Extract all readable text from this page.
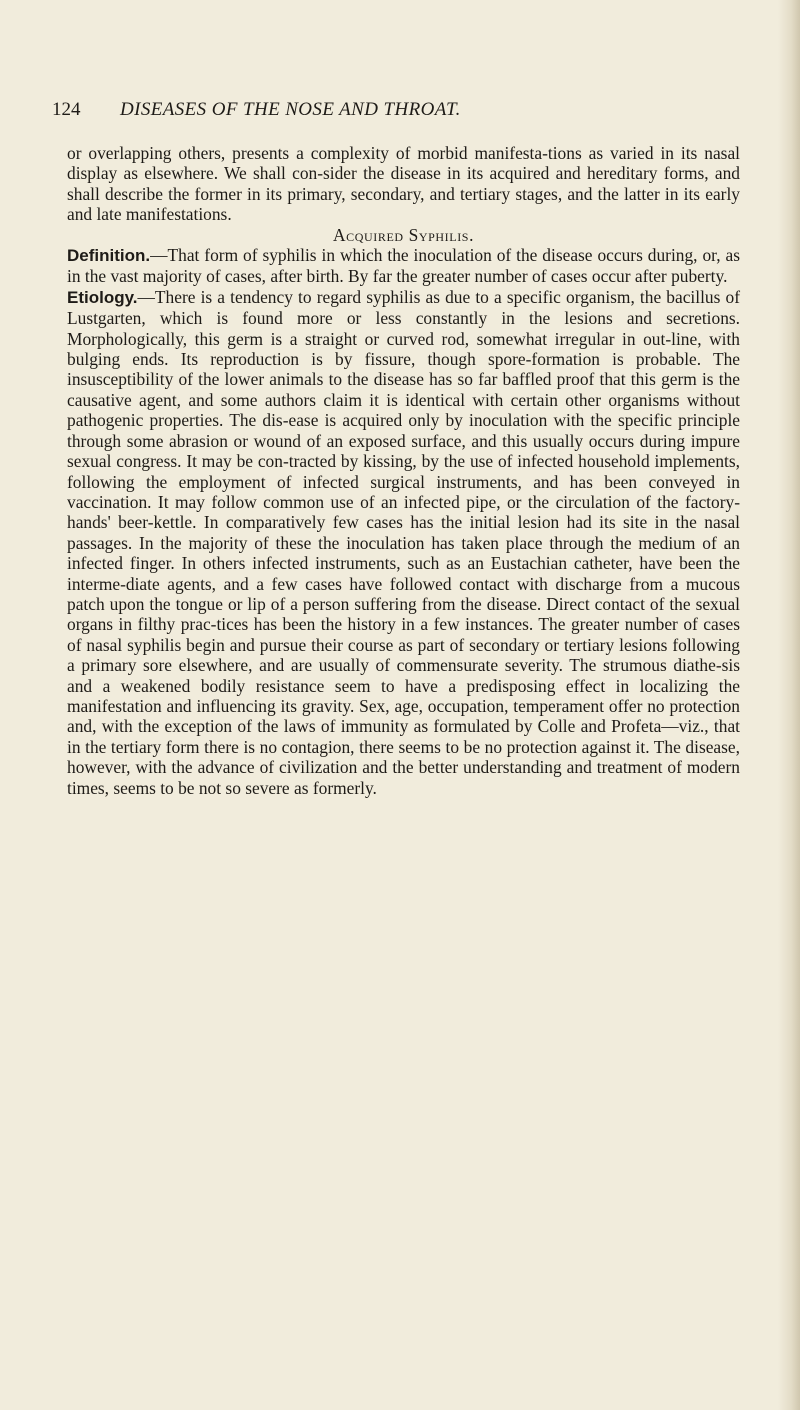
124 DISEASES OF THE NOSE AND THROAT.

or overlapping others, presents a complexity of morbid manifesta-tions as varied in its nasal display as elsewhere. We shall con-sider the disease in its acquired and hereditary forms, and shall describe the former in its primary, secondary, and tertiary stages, and the latter in its early and late manifestations.

Acquired Syphilis.

Definition.—That form of syphilis in which the inoculation of the disease occurs during, or, as in the vast majority of cases, after birth. By far the greater number of cases occur after puberty.

Etiology.—There is a tendency to regard syphilis as due to a specific organism, the bacillus of Lustgarten, which is found more or less constantly in the lesions and secretions. Morphologically, this germ is a straight or curved rod, somewhat irregular in out-line, with bulging ends. Its reproduction is by fissure, though spore-formation is probable. The insusceptibility of the lower animals to the disease has so far baffled proof that this germ is the causative agent, and some authors claim it is identical with certain other organisms without pathogenic properties. The dis-ease is acquired only by inoculation with the specific principle through some abrasion or wound of an exposed surface, and this usually occurs during impure sexual congress. It may be con-tracted by kissing, by the use of infected household implements, following the employment of infected surgical instruments, and has been conveyed in vaccination. It may follow common use of an infected pipe, or the circulation of the factory-hands' beer-kettle. In comparatively few cases has the initial lesion had its site in the nasal passages. In the majority of these the inoculation has taken place through the medium of an infected finger. In others infected instruments, such as an Eustachian catheter, have been the interme-diate agents, and a few cases have followed contact with discharge from a mucous patch upon the tongue or lip of a person suffering from the disease. Direct contact of the sexual organs in filthy prac-tices has been the history in a few instances. The greater number of cases of nasal syphilis begin and pursue their course as part of secondary or tertiary lesions following a primary sore elsewhere, and are usually of commensurate severity. The strumous diathe-sis and a weakened bodily resistance seem to have a predisposing effect in localizing the manifestation and influencing its gravity. Sex, age, occupation, temperament offer no protection and, with the exception of the laws of immunity as formulated by Colle and Profeta—viz., that in the tertiary form there is no contagion, there seems to be no protection against it. The disease, however, with the advance of civilization and the better understanding and treatment of modern times, seems to be not so severe as formerly.
